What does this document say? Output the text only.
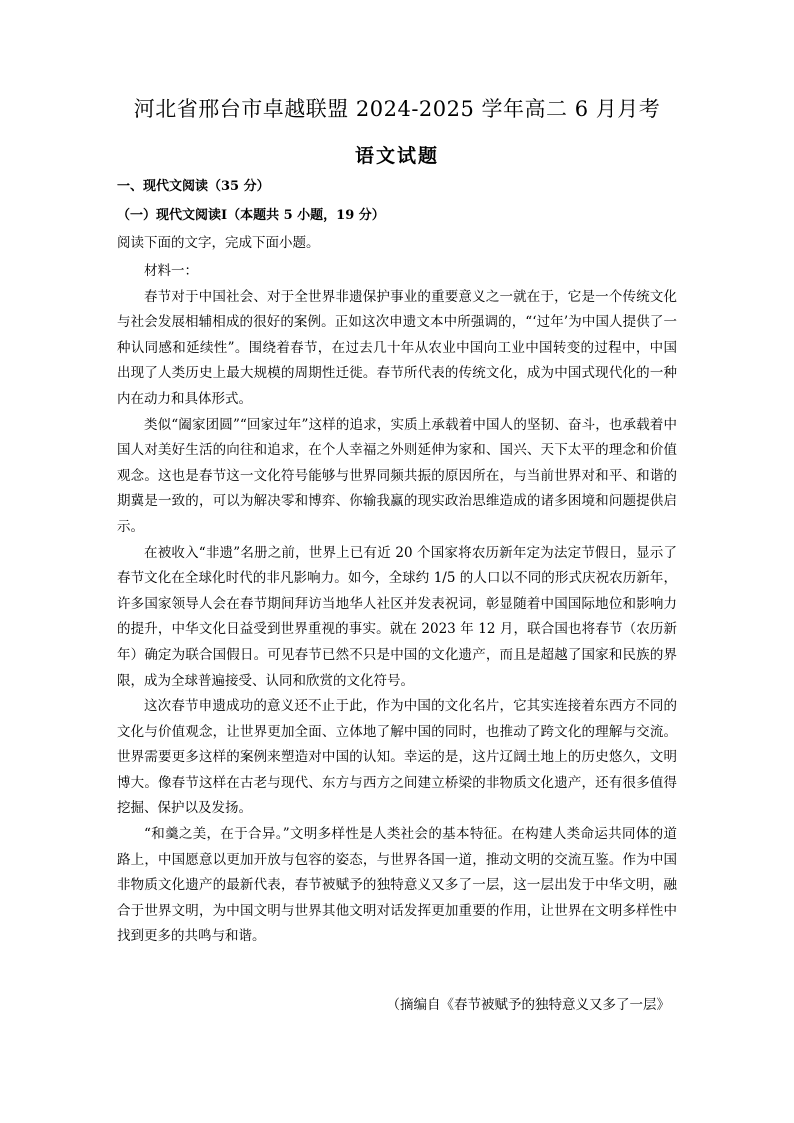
河北省邢台市卓越联盟 2024-2025 学年高二 6 月月考
语文试题
一、现代文阅读（35 分）
（一）现代文阅读Ⅰ（本题共 5 小题，19 分）
阅读下面的文字，完成下面小题。

材料一：

春节对于中国社会、对于全世界非遗保护事业的重要意义之一就在于，它是一个传统文化与社会发展相辅相成的很好的案例。正如这次申遗文本中所强调的，“‘过年’为中国人提供了一种认同感和延续性”。围绕着春节，在过去几十年从农业中国向工业中国转变的过程中，中国出现了人类历史上最大规模的周期性迁徙。春节所代表的传统文化，成为中国式现代化的一种内在动力和具体形式。

类似“阖家团圆”“回家过年”这样的追求，实质上承载着中国人的坚韧、奋斗，也承载着中国人对美好生活的向往和追求，在个人幸福之外则延伸为家和、国兴、天下太平的理念和价值观念。这也是春节这一文化符号能够与世界同频共振的原因所在，与当前世界对和平、和谐的期冀是一致的，可以为解决零和博弈、你输我赢的现实政治思维造成的诸多困境和问题提供启示。

在被收入“非遗”名册之前，世界上已有近 20 个国家将农历新年定为法定节假日，显示了春节文化在全球化时代的非凡影响力。如今，全球约 1/5 的人口以不同的形式庆祝农历新年，许多国家领导人会在春节期间拜访当地华人社区并发表祝词，彰显随着中国国际地位和影响力的提升，中华文化日益受到世界重视的事实。就在 2023 年 12 月，联合国也将春节（农历新年）确定为联合国假日。可见春节已然不只是中国的文化遗产，而且是超越了国家和民族的界限，成为全球普遍接受、认同和欣赏的文化符号。

这次春节申遗成功的意义还不止于此，作为中国的文化名片，它其实连接着东西方不同的文化与价值观念，让世界更加全面、立体地了解中国的同时，也推动了跨文化的理解与交流。世界需要更多这样的案例来塑造对中国的认知。幸运的是，这片辽阔土地上的历史悠久，文明博大。像春节这样在古老与现代、东方与西方之间建立桥梁的非物质文化遗产，还有很多值得挖掘、保护以及发扬。

“和羹之美，在于合异。”文明多样性是人类社会的基本特征。在构建人类命运共同体的道路上，中国愿意以更加开放与包容的姿态，与世界各国一道，推动文明的交流互鉴。作为中国非物质文化遗产的最新代表，春节被赋予的独特意义又多了一层，这一层出发于中华文明，融合于世界文明，为中国文明与世界其他文明对话发挥更加重要的作用，让世界在文明多样性中找到更多的共鸣与和谐。

（摘编自《春节被赋予的独特意义又多了一层》
